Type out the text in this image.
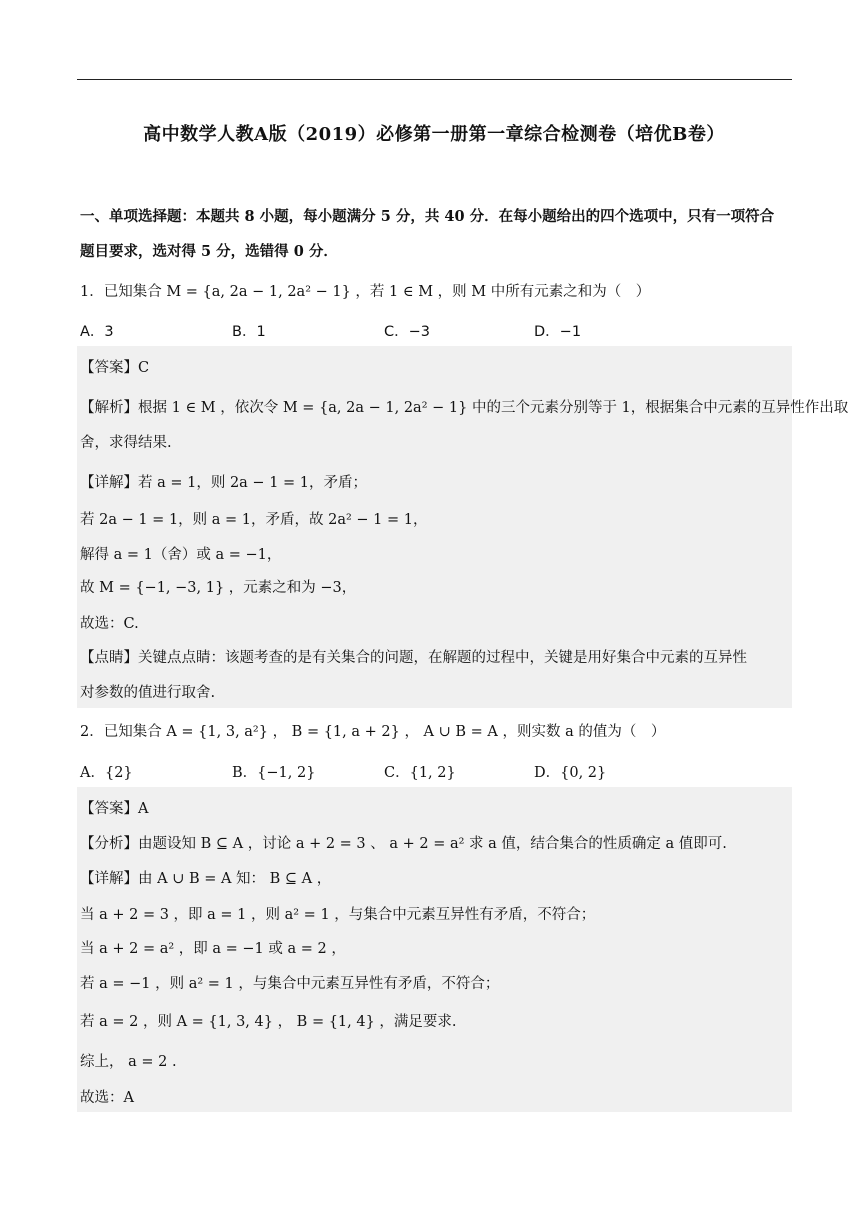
高中数学人教A版（2019）必修第一册第一章综合检测卷（培优B卷）
一、单项选择题：本题共 8 小题，每小题满分 5 分，共 40 分．在每小题给出的四个选项中，只有一项符合
题目要求，选对得 5 分，选错得 0 分．
1．已知集合 M = {a, 2a − 1, 2a² − 1} ，若 1 ∈ M ，则 M 中所有元素之和为（　）
A．3	B．1	C．−3	D．−1
【答案】C
【解析】根据 1 ∈ M ，依次令 M = {a, 2a − 1, 2a² − 1} 中的三个元素分别等于 1，根据集合中元素的互异性作出取
舍，求得结果.
【详解】若 a = 1，则 2a − 1 = 1，矛盾；
若 2a − 1 = 1，则 a = 1，矛盾，故 2a² − 1 = 1，
解得 a = 1（舍）或 a = −1，
故 M = {−1, −3, 1} ，元素之和为 −3，
故选：C.
【点睛】关键点点睛：该题考查的是有关集合的问题，在解题的过程中，关键是用好集合中元素的互异性
对参数的值进行取舍.
2．已知集合 A = {1, 3, a²} ， B = {1, a + 2} ， A ∪ B = A ，则实数 a 的值为（　）
A．{2}	B．{−1, 2}	C．{1, 2}	D．{0, 2}
【答案】A
【分析】由题设知 B ⊆ A ，讨论 a + 2 = 3 、 a + 2 = a² 求 a 值，结合集合的性质确定 a 值即可.
【详解】由 A ∪ B = A 知： B ⊆ A ，
当 a + 2 = 3 ，即 a = 1 ，则 a² = 1 ，与集合中元素互异性有矛盾，不符合；
当 a + 2 = a² ，即 a = −1 或 a = 2 ，
若 a = −1 ，则 a² = 1 ，与集合中元素互异性有矛盾，不符合；
若 a = 2 ，则 A = {1, 3, 4} ， B = {1, 4} ，满足要求.
综上， a = 2 .
故选：A
